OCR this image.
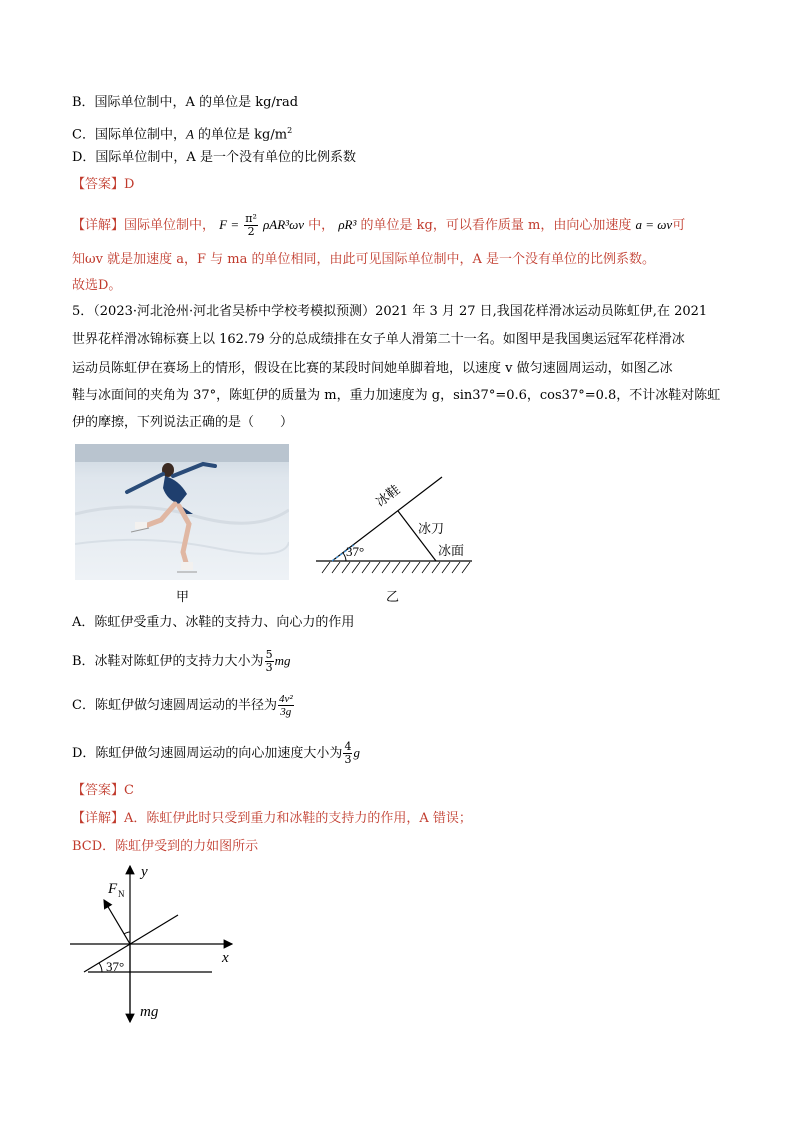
B．国际单位制中，A 的单位是 kg/rad
C．国际单位制中，A 的单位是 $kg/m^2$
D．国际单位制中，A 是一个没有单位的比例系数
【答案】D
【详解】国际单位制中， $F = \frac{\text{π²}}{2} \rho AR^3\omega v$ 中， ρR³ 的单位是 kg，可以看作质量 m，由向心加速度 a = ωv可
知ωv 就是加速度 a，F 与 ma 的单位相同，由此可见国际单位制中，A 是一个没有单位的比例系数。
故选D。
5．（2023·河北沧州·河北省吴桥中学校考模拟预测）2021 年 3 月 27 日,我国花样滑冰运动员陈虹伊,在 2021
世界花样滑冰锦标赛上以 162.79 分的总成绩排在女子单人滑第二十一名。如图甲是我国奥运冠军花样滑冰
运动员陈虹伊在赛场上的情形，假设在比赛的某段时间她单脚着地，以速度 v 做匀速圆周运动，如图乙冰
鞋与冰面间的夹角为 37°，陈虹伊的质量为 m，重力加速度为 g，sin37°=0.6，cos37°=0.8，不计冰鞋对陈虹
伊的摩擦，下列说法正确的是（　　）
甲
37°
冰鞋
冰刀
冰面
乙
A．陈虹伊受重力、冰鞋的支持力、向心力的作用
B．冰鞋对陈虹伊的支持力大小为 $\frac{5}{3}$ mg
C．陈虹伊做匀速圆周运动的半径为 $\frac{\text{4v²}}{3g}$
D．陈虹伊做匀速圆周运动的向心加速度大小为 $\frac{4}{3}$ g
【答案】C
【详解】A．陈虹伊此时只受到重力和冰鞋的支持力的作用，A 错误；
BCD．陈虹伊受到的力如图所示
F N
y
x
37°
mg
